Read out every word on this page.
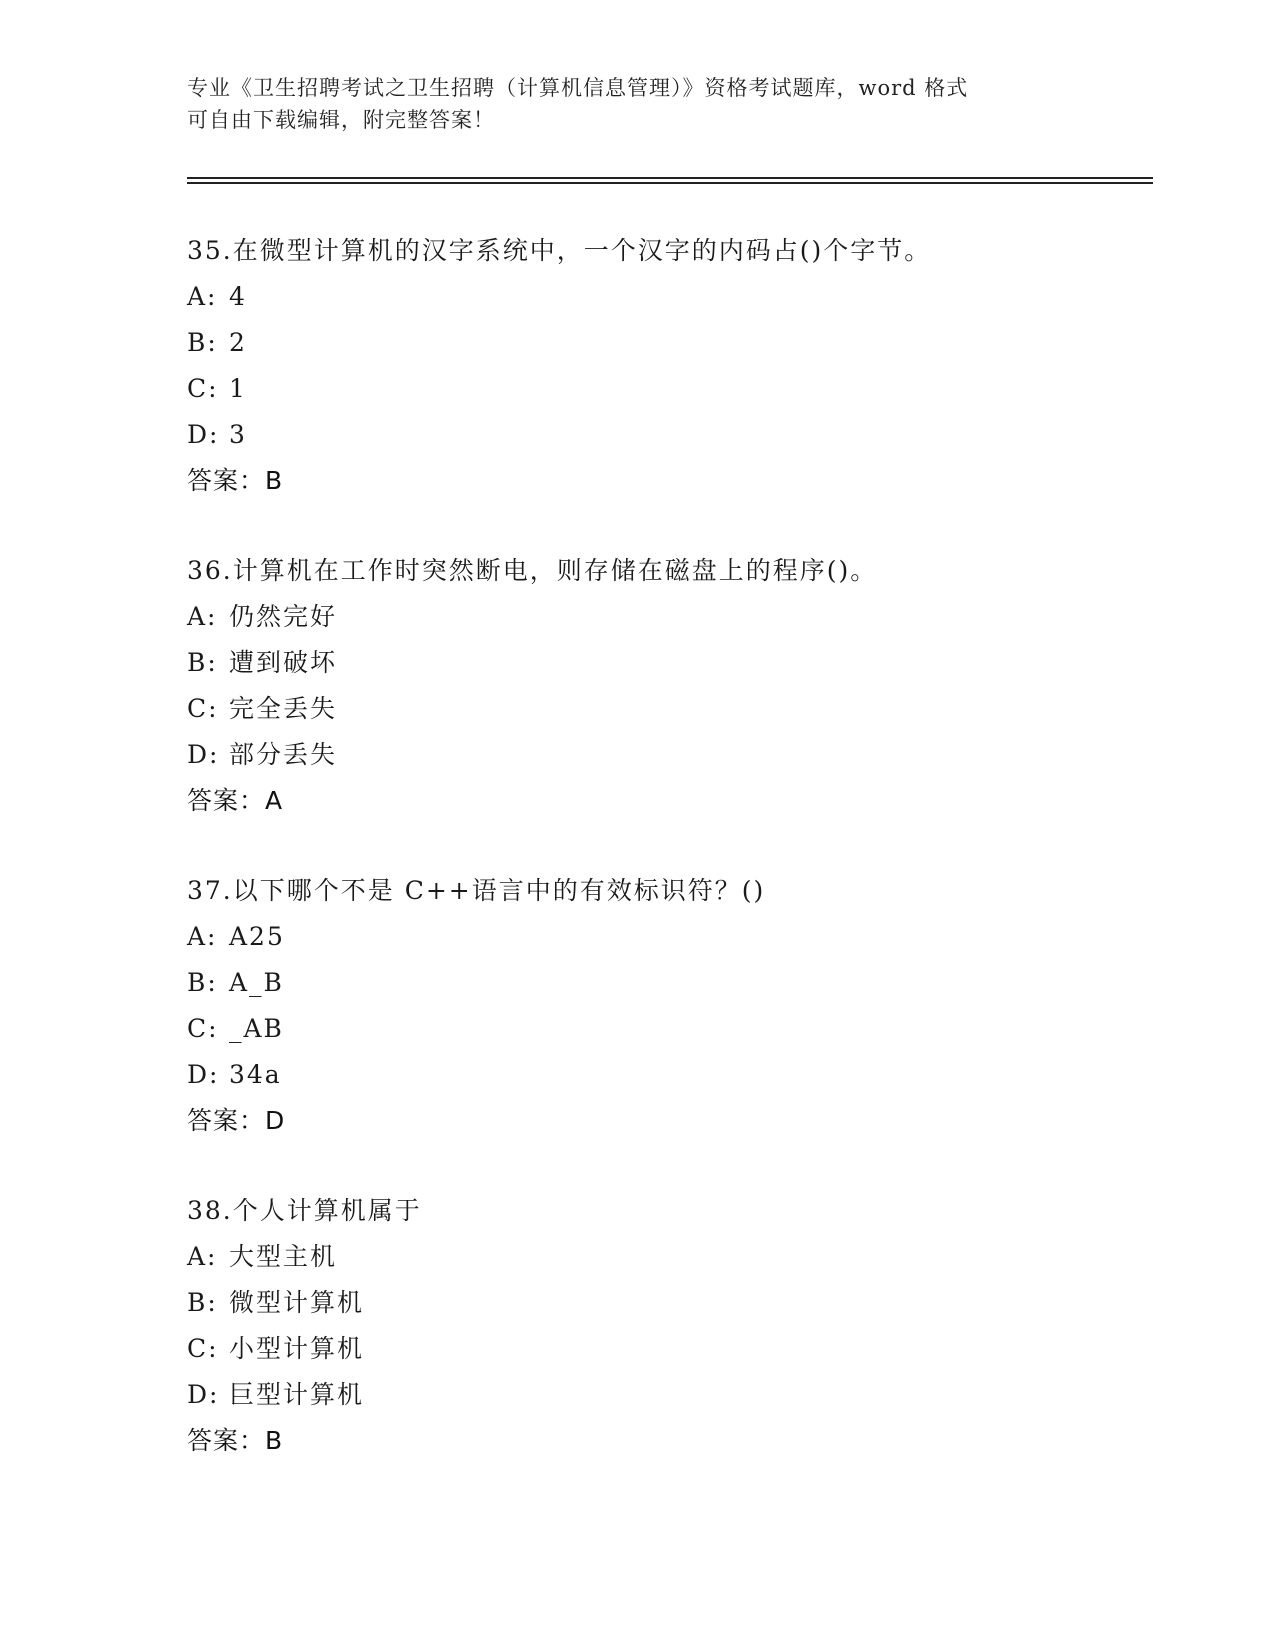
专业《卫生招聘考试之卫生招聘（计算机信息管理）》资格考试题库，word 格式
可自由下载编辑，附完整答案！
35.在微型计算机的汉字系统中，一个汉字的内码占()个字节。
A: 4
B: 2
C: 1
D: 3
答案：B
36.计算机在工作时突然断电，则存储在磁盘上的程序()。
A: 仍然完好
B: 遭到破坏
C: 完全丢失
D: 部分丢失
答案：A
37.以下哪个不是 C++语言中的有效标识符？()
A: A25
B: A_B
C: _AB
D: 34a
答案：D
38.个人计算机属于
A: 大型主机
B: 微型计算机
C: 小型计算机
D: 巨型计算机
答案：B
